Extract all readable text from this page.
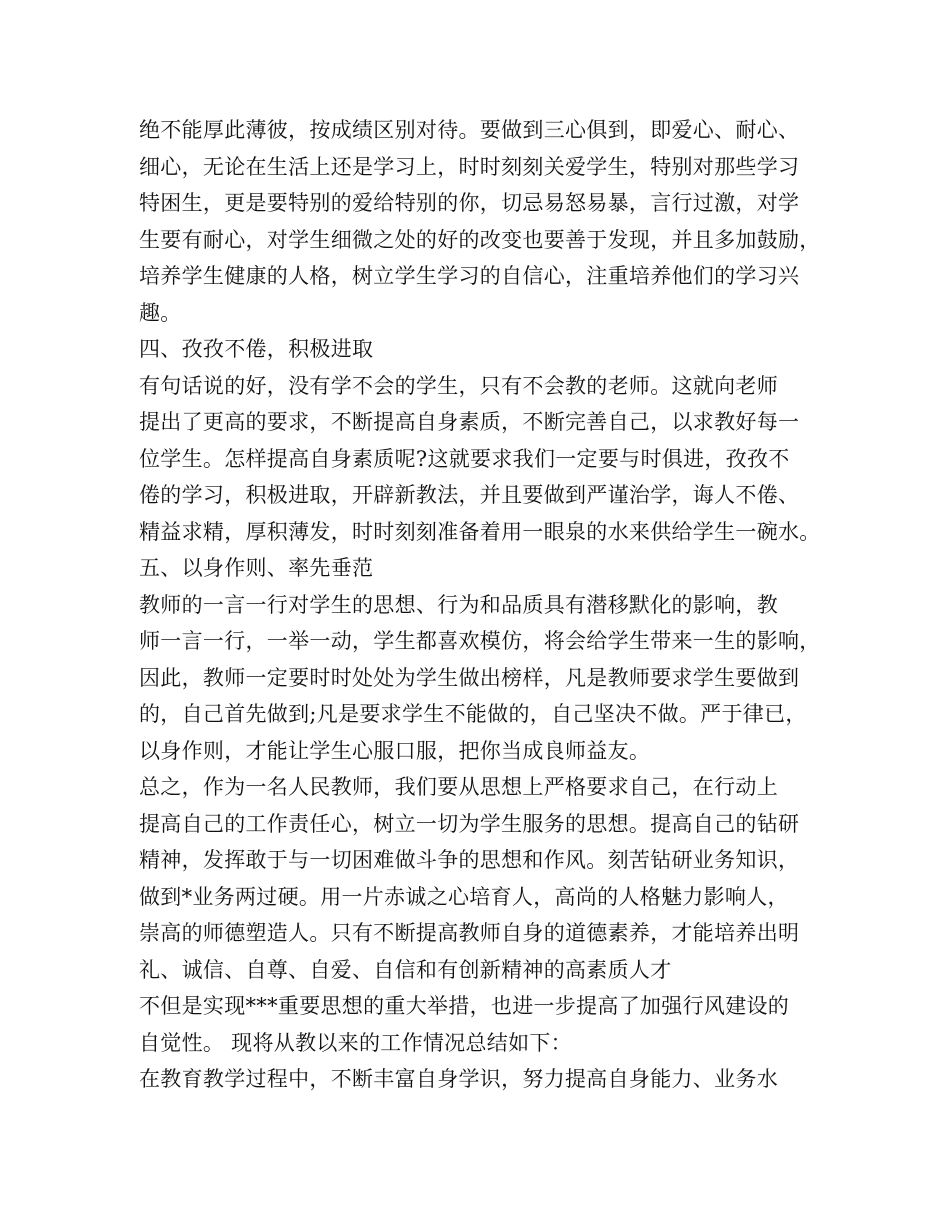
绝不能厚此薄彼，按成绩区别对待。要做到三心俱到，即爱心、耐心、
细心，无论在生活上还是学习上，时时刻刻关爱学生，特别对那些学习
特困生，更是要特别的爱给特别的你，切忌易怒易暴，言行过激，对学
生要有耐心，对学生细微之处的好的改变也要善于发现，并且多加鼓励，
培养学生健康的人格，树立学生学习的自信心，注重培养他们的学习兴
趣。
四、孜孜不倦，积极进取
有句话说的好，没有学不会的学生，只有不会教的老师。这就向老师
提出了更高的要求，不断提高自身素质，不断完善自己，以求教好每一
位学生。怎样提高自身素质呢?这就要求我们一定要与时俱进，孜孜不
倦的学习，积极进取，开辟新教法，并且要做到严谨治学，诲人不倦、
精益求精，厚积薄发，时时刻刻准备着用一眼泉的水来供给学生一碗水。
五、以身作则、率先垂范
教师的一言一行对学生的思想、行为和品质具有潜移默化的影响，教
师一言一行，一举一动，学生都喜欢模仿，将会给学生带来一生的影响，
因此，教师一定要时时处处为学生做出榜样，凡是教师要求学生要做到
的，自己首先做到;凡是要求学生不能做的，自己坚决不做。严于律已，
以身作则，才能让学生心服口服，把你当成良师益友。
总之，作为一名人民教师，我们要从思想上严格要求自己，在行动上
提高自己的工作责任心，树立一切为学生服务的思想。提高自己的钻研
精神，发挥敢于与一切困难做斗争的思想和作风。刻苦钻研业务知识，
做到*业务两过硬。用一片赤诚之心培育人，高尚的人格魅力影响人，
崇高的师德塑造人。只有不断提高教师自身的道德素养，才能培养出明
礼、诚信、自尊、自爱、自信和有创新精神的高素质人才
不但是实现***重要思想的重大举措，也进一步提高了加强行风建设的
自觉性。 现将从教以来的工作情况总结如下：
在教育教学过程中，不断丰富自身学识，努力提高自身能力、业务水
